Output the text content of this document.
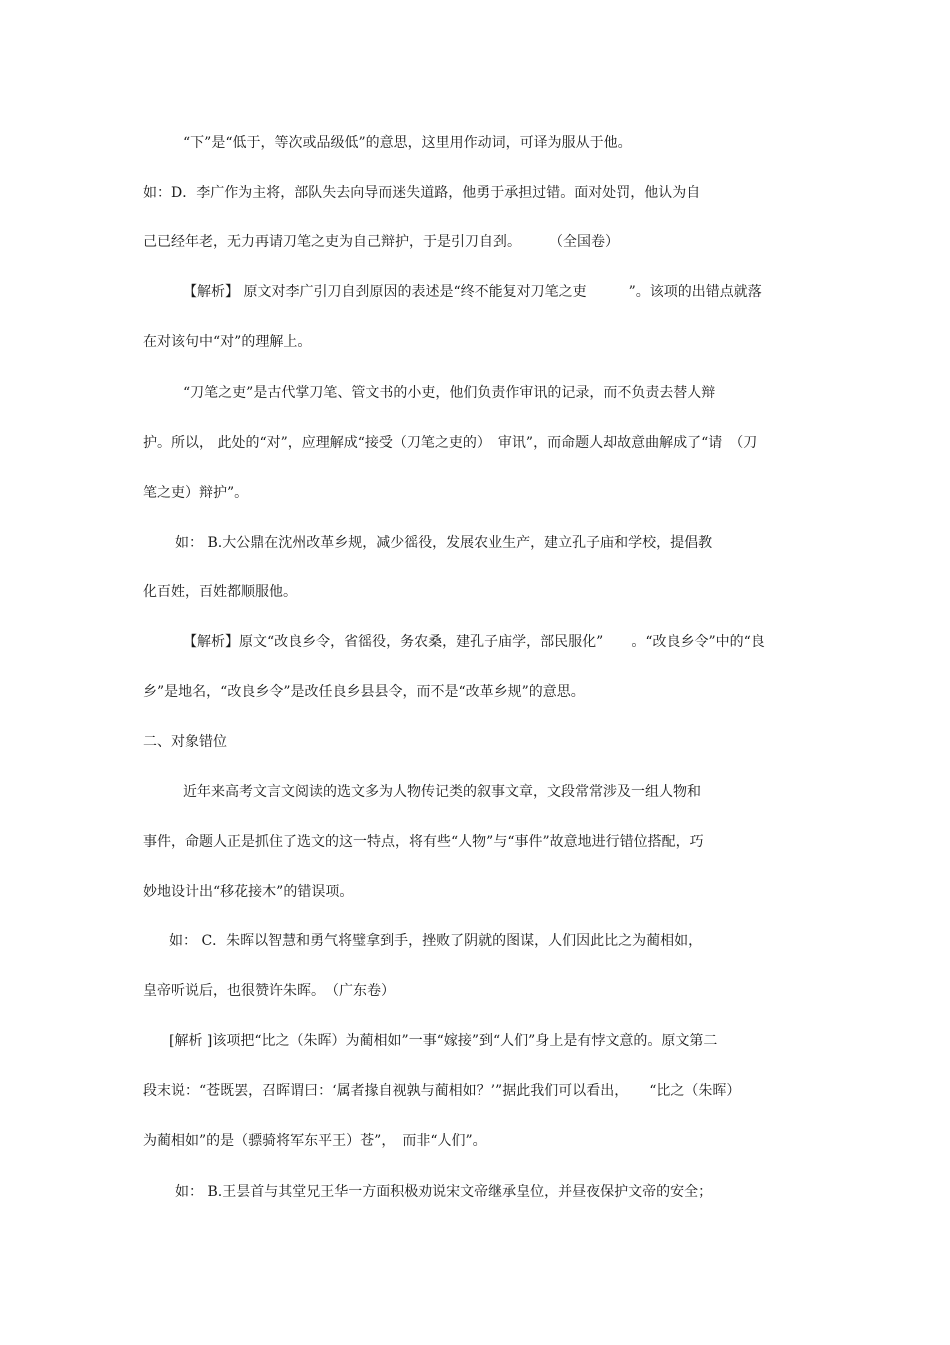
“下”是“低于，等次或品级低”的意思，这里用作动词，可译为服从于他。
如：D．李广作为主将，部队失去向导而迷失道路，他勇于承担过错。面对处罚，他认为自
己已经年老，无力再请刀笔之吏为自己辩护，于是引刀自刭。　　　（全国卷）
【解析】 原文对李广引刀自刭原因的表述是“终不能复对刀笔之吏　　　”。该项的出错点就落
在对该句中“对”的理解上。
“刀笔之吏”是古代掌刀笔、管文书的小吏，他们负责作审讯的记录，而不负责去替人辩
护。所以， 此处的“对”，应理解成“接受（刀笔之吏的）　审讯”，而命题人却故意曲解成了“请　（刀
笔之吏）辩护”。
如： B.大公鼎在沈州改革乡规，减少徭役，发展农业生产，建立孔子庙和学校，提倡教
化百姓，百姓都顺服他。
【解析】原文“改良乡令，省徭役，务农桑，建孔子庙学，部民服化”　　。“改良乡令”中的“良
乡”是地名，“改良乡令”是改任良乡县县令，而不是“改革乡规”的意思。
二、对象错位
近年来高考文言文阅读的选文多为人物传记类的叙事文章，文段常常涉及一组人物和
事件，命题人正是抓住了选文的这一特点，将有些“人物”与“事件”故意地进行错位搭配，巧
妙地设计出“移花接木”的错误项。
如： C．朱晖以智慧和勇气将璧拿到手，挫败了阴就的图谋，人们因此比之为蔺相如，
皇帝听说后，也很赞许朱晖。　（广东卷）
[解析 ]该项把“比之（朱晖）为蔺相如”一事“嫁接”到“人们”身上是有悖文意的。原文第二
段末说：“苍既罢，召晖谓曰：‘属者掾自视孰与蔺相如？’”据此我们可以看出，　　“比之（朱晖）
为蔺相如”的是（骠骑将军东平王）苍”，　而非“人们”。
如： B.王昙首与其堂兄王华一方面积极劝说宋文帝继承皇位，并昼夜保护文帝的安全；
